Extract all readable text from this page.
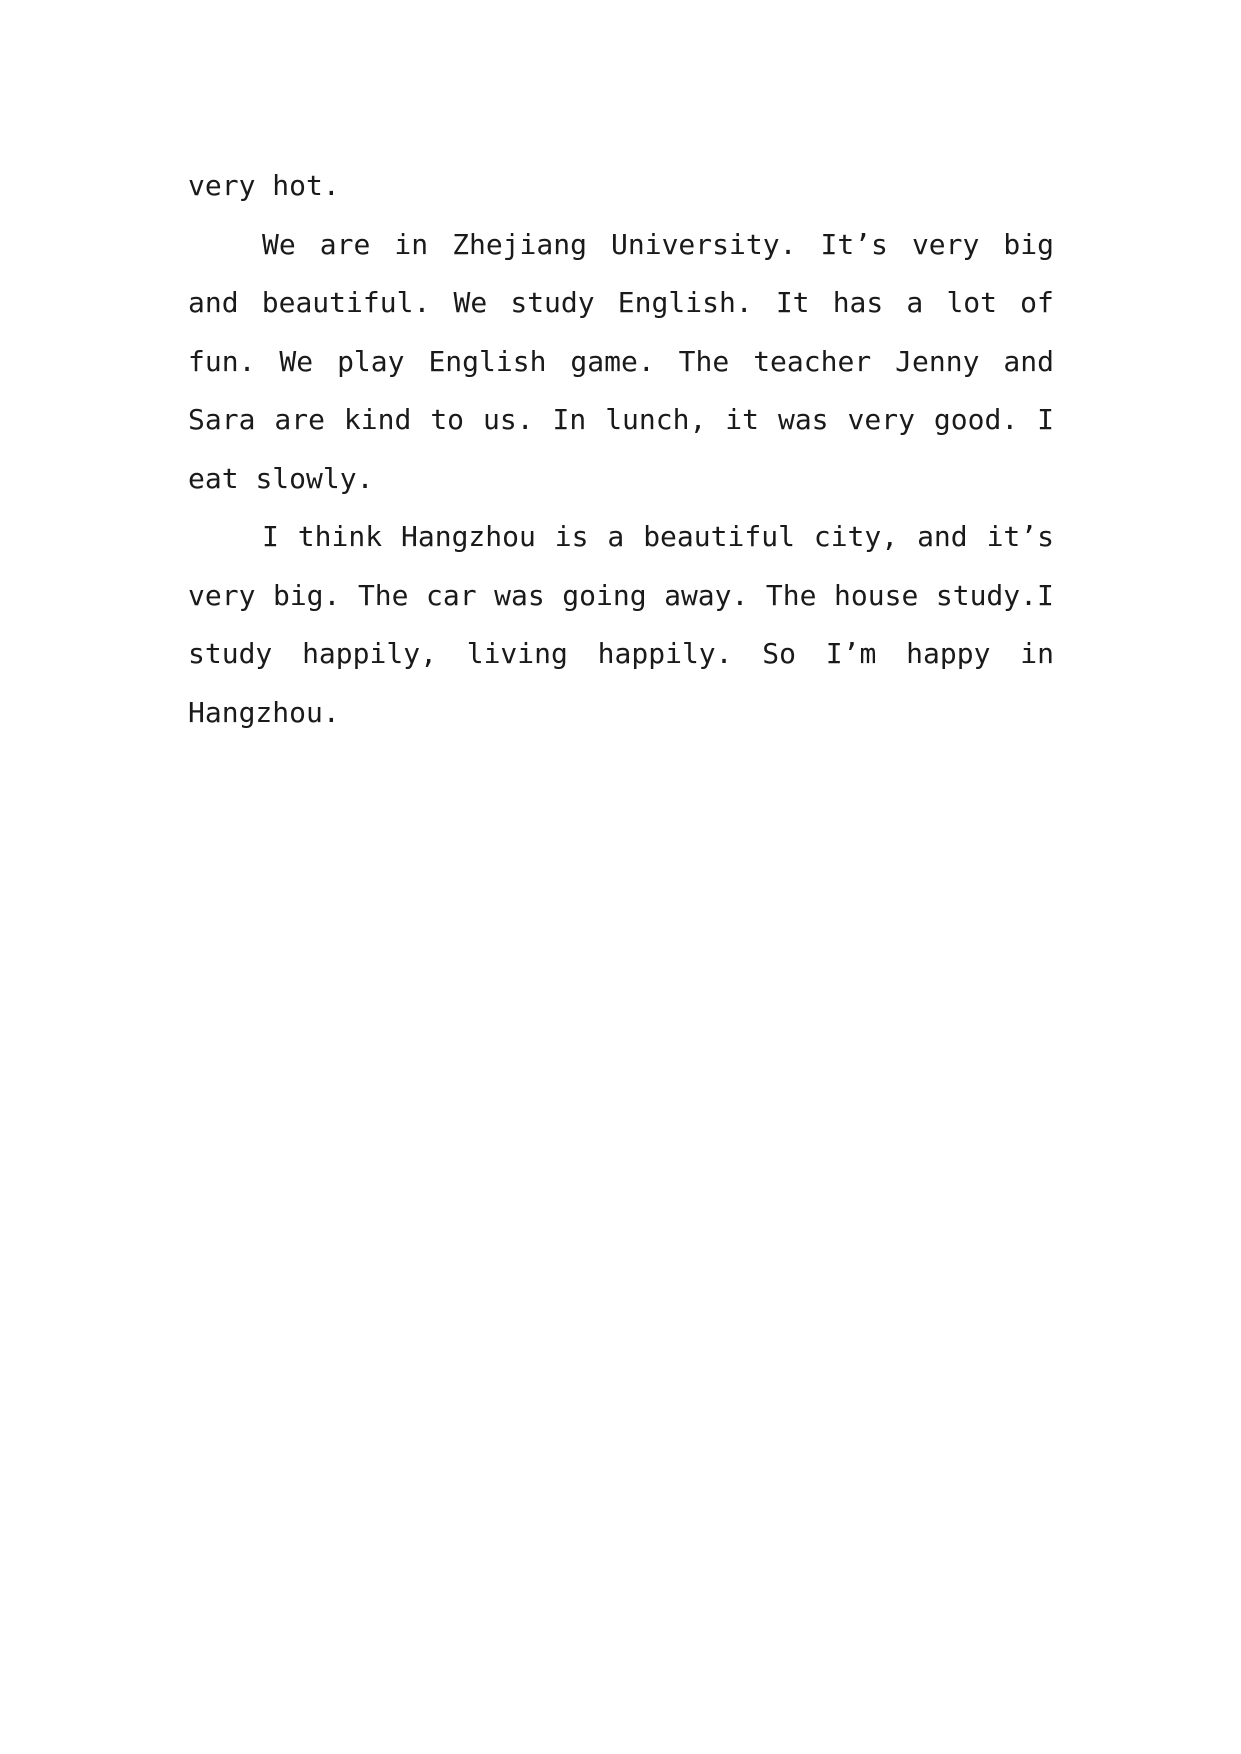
very hot.
We are in Zhejiang University. It’s very big
and beautiful. We study English. It has a lot of
fun. We play English game. The teacher Jenny and
Sara are kind to us. In lunch, it was very good. I
eat slowly.
I think Hangzhou is a beautiful city, and it’s
very big. The car was going away. The house study.I
study happily, living happily. So I’m happy in
Hangzhou.
